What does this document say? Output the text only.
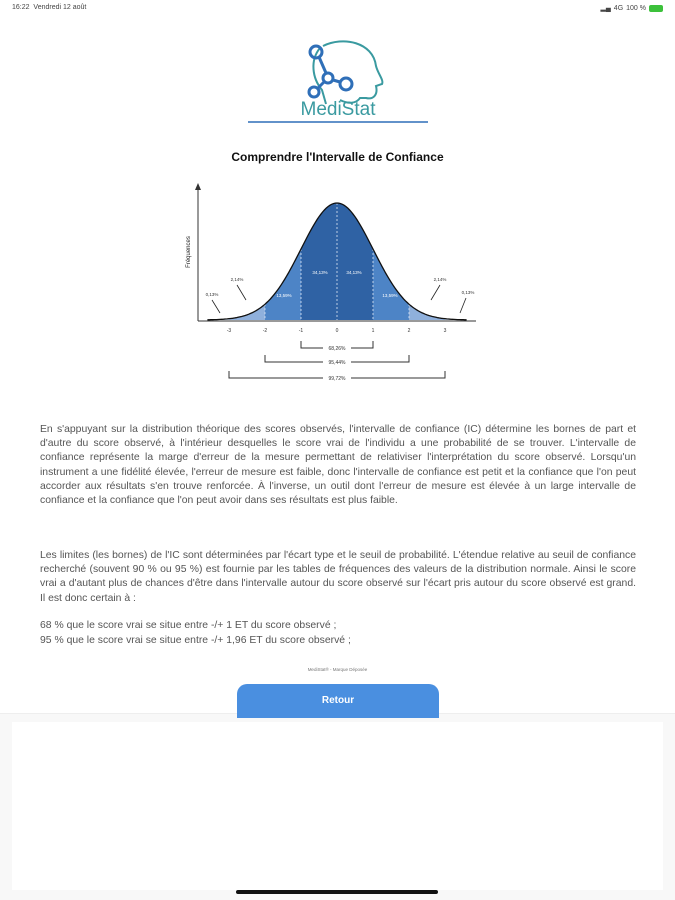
16:22 Vendredi 12 août	▂▄ 4G 100 %
MediStat
Comprendre l'Intervalle de Confiance
Fréquences
-3	-2	-1	0	1	2	3
0,13%
2,14%
13,59%
34,13%	34,13%
13,59%
2,14%
0,13%
68,26%
95,44%
99,72%
En s'appuyant sur la distribution théorique des scores observés, l'intervalle de confiance (IC) détermine les bornes de part et d'autre du score observé, à l'intérieur desquelles le score vrai de l'individu a une probabilité de se trouver. L'intervalle de confiance représente la marge d'erreur de la mesure permettant de relativiser l'interprétation du score observé. Lorsqu'un instrument a une fidélité élevée, l'erreur de mesure est faible, donc l'intervalle de confiance est petit et la confiance que l'on peut accorder aux résultats s'en trouve renforcée. À l'inverse, un outil dont l'erreur de mesure est élevée à un large intervalle de confiance et la confiance que l'on peut avoir dans ses résultats est plus faible.
Les limites (les bornes) de l'IC sont déterminées par l'écart type et le seuil de probabilité. L'étendue relative au seuil de confiance recherché (souvent 90 % ou 95 %) est fournie par les tables de fréquences des valeurs de la distribution normale. Ainsi le score vrai a d'autant plus de chances d'être dans l'intervalle autour du score observé sur l'écart pris autour du score observé est grand. Il est donc certain à :
68 % que le score vrai se situe entre -/+ 1 ET du score observé ;
95 % que le score vrai se situe entre -/+ 1,96 ET du score observé ;
MediStat® - Marque Déposée
Retour
